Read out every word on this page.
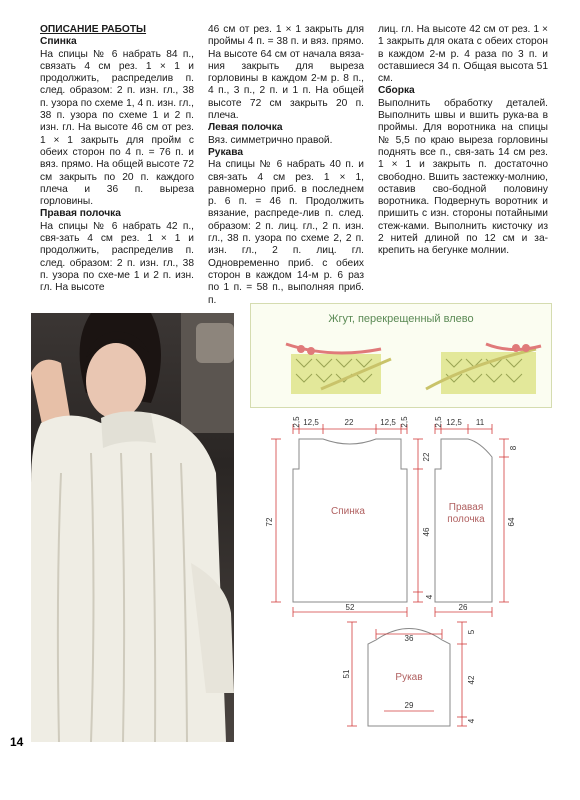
ОПИСАНИЕ РАБОТЫ
Спинка

На спицы № 6 набрать 84 п., связать 4 см рез. 1 × 1 и продолжить, распределив п. след. образом: 2 п. изн. гл., 38 п. узора по схеме 1, 4 п. изн. гл., 38 п. узора по схеме 1 и 2 п. изн. гл. На высоте 46 см от рез. 1 × 1 закрыть для пройм с обеих сторон по 4 п. = 76 п. и вяз. прямо. На общей высоте 72 см закрыть по 20 п. каждого плеча и 36 п. выреза горловины.

Правая полочка

На спицы № 6 набрать 42 п., свя-зать 4 см рез. 1 × 1 и продолжить, распределив п. след. образом: 2 п. изн. гл., 38 п. узора по схе-ме 1 и 2 п. изн. гл. На высоте

46 см от рез. 1 × 1 закрыть для проймы 4 п. = 38 п. и вяз. прямо. На высоте 64 см от начала вяза-ния закрыть для выреза горловины в каждом 2-м р. 8 п., 4 п., 3 п., 2 п. и 1 п. На общей высоте 72 см закрыть 20 п. плеча.

Левая полочка

Вяз. симметрично правой.

Рукава

На спицы № 6 набрать 40 п. и свя-зать 4 см рез. 1 × 1, равномерно приб. в последнем р. 6 п. = 46 п. Продолжить вязание, распреде-лив п. след. образом: 2 п. лиц. гл., 2 п. изн. гл., 38 п. узора по схеме 2, 2 п. изн. гл., 2 п. лиц. гл. Одновременно приб. с обеих сторон в каждом 14-м р. 6 раз по 1 п. = 58 п., выполняя приб. п.

лиц. гл. На высоте 42 см от рез. 1 × 1 закрыть для оката с обеих сторон в каждом 2-м р. 4 раза по 3 п. и оставшиеся 34 п. Общая высота 51 см.

Сборка

Выполнить обработку деталей. Выполнить швы и вшить рука-ва в проймы. Для воротника на спицы № 5,5 по краю выреза горловины поднять все п., свя-зать 14 см рез. 1 × 1 и закрыть п. достаточно свободно. Вшить застежку-молнию, оставив сво-бодной половину воротника. Подвернуть воротник и пришить с изн. стороны потайными стеж-ками. Выполнить кисточку из 2 нитей длиной по 12 см и за-крепить на бегунке молнии.

Жгут, перекрещенный влево
Спинка
2,5 12,5	22	12,5 2,5
72
22
46
4
52
Правая
полочка
2,5 12,5 11
8
64
26
Рукав
36
51
5
42
4
29
14
